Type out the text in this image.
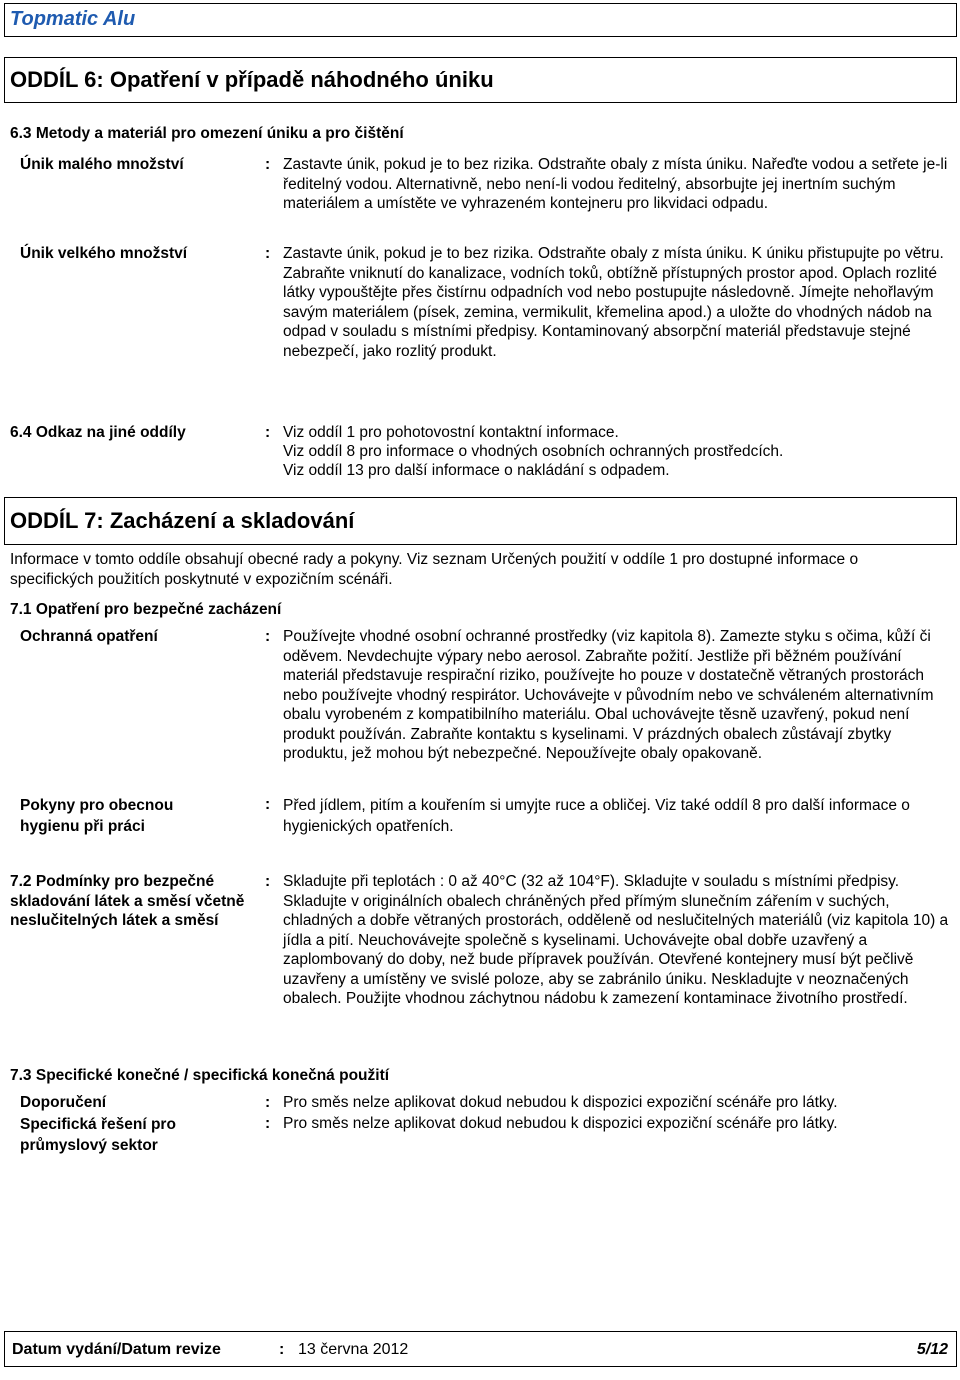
Topmatic Alu
ODDÍL 6: Opatření v případě náhodného úniku
6.3 Metody a materiál pro omezení úniku a pro čištění
Únik malého množství	: Zastavte únik, pokud je to bez rizika. Odstraňte obaly z místa úniku. Nařeďte vodou a setřete je-li ředitelný vodou. Alternativně, nebo není-li vodou ředitelný, absorbujte jej inertním suchým materiálem a umístěte ve vyhrazeném kontejneru pro likvidaci odpadu.
Únik velkého množství	: Zastavte únik, pokud je to bez rizika. Odstraňte obaly z místa úniku. K úniku přistupujte po větru. Zabraňte vniknutí do kanalizace, vodních toků, obtížně přístupných prostor apod. Oplach rozlité látky vypouštějte přes čistírnu odpadních vod nebo postupujte následovně. Jímejte nehořlavým savým materiálem (písek, zemina, vermikulit, křemelina apod.) a uložte do vhodných nádob na odpad v souladu s místními předpisy. Kontaminovaný absorpční materiál představuje stejné nebezpečí, jako rozlitý produkt.
6.4 Odkaz na jiné oddíly	: Viz oddíl 1 pro pohotovostní kontaktní informace.
Viz oddíl 8 pro informace o vhodných osobních ochranných prostředcích.
Viz oddíl 13 pro další informace o nakládání s odpadem.
ODDÍL 7: Zacházení a skladování
Informace v tomto oddíle obsahují obecné rady a pokyny. Viz seznam Určených použití v oddíle 1 pro dostupné informace o specifických použitích poskytnuté v expozičním scénáři.
7.1 Opatření pro bezpečné zacházení
Ochranná opatření	: Používejte vhodné osobní ochranné prostředky (viz kapitola 8). Zamezte styku s očima, kůží či oděvem. Nevdechujte výpary nebo aerosol. Zabraňte požití. Jestliže při běžném používání materiál představuje respirační riziko, používejte ho pouze v dostatečně větraných prostorách nebo používejte vhodný respirátor. Uchovávejte v původním nebo ve schváleném alternativním obalu vyrobeném z kompatibilního materiálu. Obal uchovávejte těsně uzavřený, pokud není produkt používán. Zabraňte kontaktu s kyselinami. V prázdných obalech zůstávají zbytky produktu, jež mohou být nebezpečné. Nepoužívejte obaly opakovaně.
Pokyny pro obecnou hygienu při práci
: Před jídlem, pitím a kouřením si umyjte ruce a obličej. Viz také oddíl 8 pro další informace o hygienických opatřeních.
7.2 Podmínky pro bezpečné skladování látek a směsí včetně neslučitelných látek a směsí
: Skladujte při teplotách : 0 až 40°C (32 až 104°F). Skladujte v souladu s místními předpisy. Skladujte v originálních obalech chráněných před přímým slunečním zářením v suchých, chladných a dobře větraných prostorách, odděleně od neslučitelných materiálů (viz kapitola 10) a jídla a pití. Neuchovávejte společně s kyselinami. Uchovávejte obal dobře uzavřený a zaplombovaný do doby, než bude přípravek používán. Otevřené kontejnery musí být pečlivě uzavřeny a umístěny ve svislé poloze, aby se zabránilo úniku. Neskladujte v neoznačených obalech. Použijte vhodnou záchytnou nádobu k zamezení kontaminace životního prostředí.
7.3 Specifické konečné / specifická konečná použití
Doporučení	: Pro směs nelze aplikovat dokud nebudou k dispozici expoziční scénáře pro látky.
Specifická řešení pro průmyslový sektor
: Pro směs nelze aplikovat dokud nebudou k dispozici expoziční scénáře pro látky.
Datum vydání/Datum revize	: 13 června 2012	5/12
